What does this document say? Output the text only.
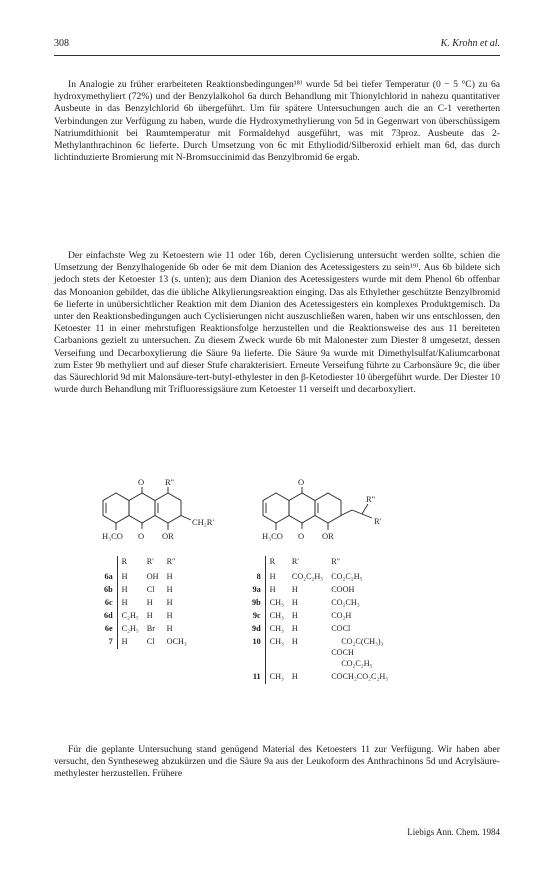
308	K. Krohn et al.
In Analogie zu früher erarbeiteten Reaktionsbedingungen¹⁸⁾ wurde 5d bei tiefer Temperatur (0 − 5 °C) zu 6a hydroxymethyliert (72%) und der Benzylalkohol 6a durch Behandlung mit Thionylchlorid in nahezu quantitativer Ausbeute in das Benzylchlorid 6b übergeführt. Um für spätere Untersuchungen auch die an C-1 veretherten Verbindungen zur Verfügung zu haben, wurde die Hydroxymethylierung von 5d in Gegenwart von überschüssigem Natriumdithionit bei Raumtemperatur mit Formaldehyd ausgeführt, was mit 73proz. Ausbeute das 2-Methylanthrachinon 6c lieferte. Durch Umsetzung von 6c mit Ethyliodid/Silberoxid erhielt man 6d, das durch lichtinduzierte Bromierung mit N-Bromsuccinimid das Benzylbromid 6e ergab.
Der einfachste Weg zu Ketoestern wie 11 oder 16b, deren Cyclisierung untersucht werden sollte, schien die Umsetzung der Benzylhalogenide 6b oder 6e mit dem Dianion des Acetessigesters zu sein¹⁹⁾. Aus 6b bildete sich jedoch stets der Ketoester 13 (s. unten); aus dem Dianion des Acetessigesters wurde mit dem Phenol 6b offenbar das Monoanion gebildet, das die übliche Alkylierungsreaktion einging. Das als Ethylether geschützte Benzylbromid 6e lieferte in unübersichtlicher Reaktion mit dem Dianion des Acetessigesters ein komplexes Produktgemisch. Da unter den Reaktionsbedingungen auch Cyclisierungen nicht auszuschließen waren, haben wir uns entschlossen, den Ketoester 11 in einer mehrstufigen Reaktionsfolge herzustellen und die Reaktionsweise des aus 11 bereiteten Carbanions gezielt zu untersuchen. Zu diesem Zweck wurde 6b mit Malonester zum Diester 8 umgesetzt, dessen Verseifung und Decarboxylierung die Säure 9a lieferte. Die Säure 9a wurde mit Dimethylsulfat/Kaliumcarbonat zum Ester 9b methyliert und auf dieser Stufe charakterisiert. Erneute Verseifung führte zu Carbonsäure 9c, die über das Säurechlorid 9d mit Malonsäure-tert-butyl-ethylester in den β-Ketodiester 10 übergeführt wurde. Der Diester 10 wurde durch Behandlung mit Trifluoressigsäure zum Ketoester 11 verseift und decarboxyliert.
O R"
CH₂R'
H₃CO O OR
O
R"
R'
H₃CO O OR
	R	R'	R"
6a	H	OH	H
6b	H	Cl	H
6c	H	H	H
6d	C₂H₅	H	H
6e	C₂H₅	Br	H
7	H	Cl	OCH₃
	R	R'	R"
8	H	CO₂C₂H₅	CO₂C₂H₅
9a	H	H	COOH
9b	CH₃	H	CO₂CH₃
9c	CH₃	H	CO₂H
9d	CH₃	H	COCl
10	CH₃	H	CO₂C(CH₃)₃
COCH
CO₂C₂H₅

11	CH₃	H	COCH₂CO₂C₂H₅
Für die geplante Untersuchung stand genügend Material des Ketoesters 11 zur Verfügung. Wir haben aber versucht, den Syntheseweg abzukürzen und die Säure 9a aus der Leukoform des Anthrachinons 5d und Acrylsäure-methylester herzustellen. Frühere
Liebigs Ann. Chem. 1984
